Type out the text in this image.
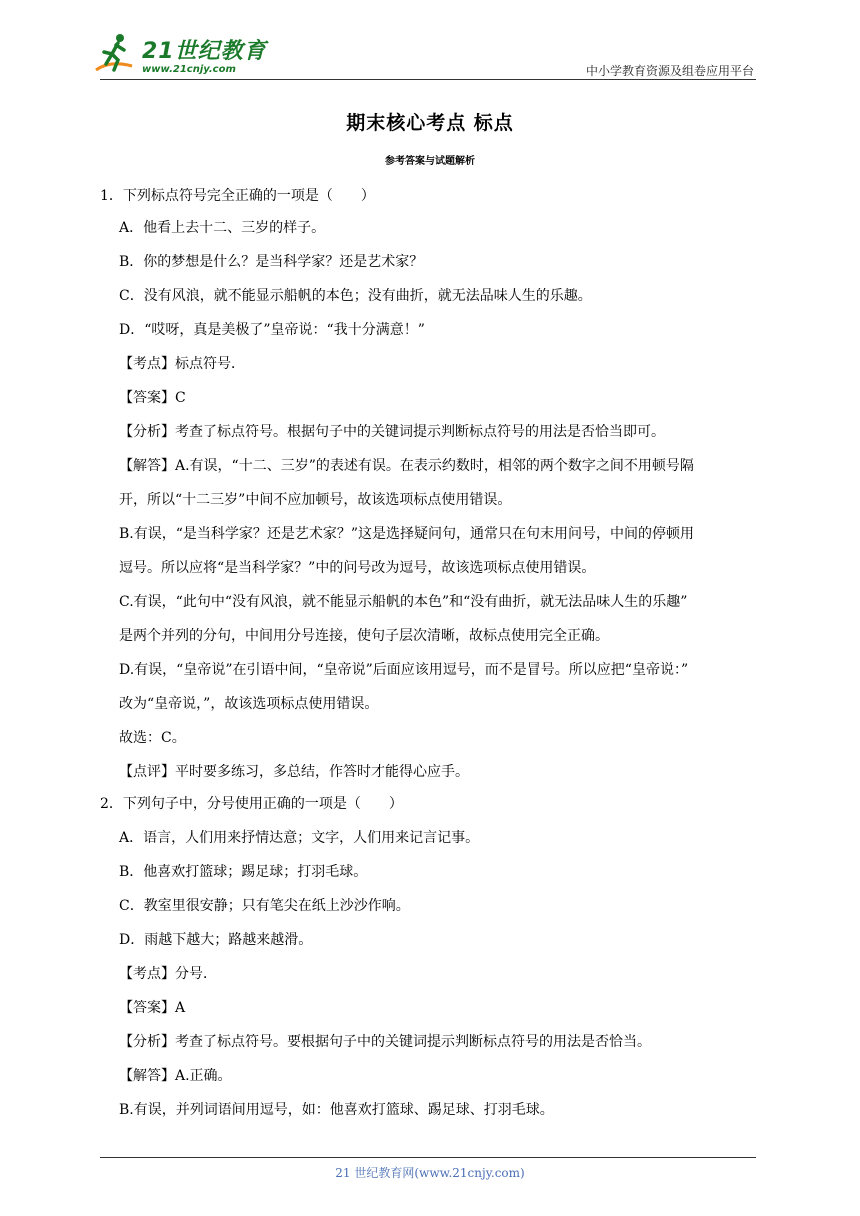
21世纪教育
www.21cnjy.com	中小学教育资源及组卷应用平台
期末核心考点 标点
参考答案与试题解析
1．下列标点符号完全正确的一项是（　　）
A．他看上去十二、三岁的样子。
B．你的梦想是什么？是当科学家？还是艺术家？
C．没有风浪，就不能显示船帆的本色；没有曲折，就无法品味人生的乐趣。
D．“哎呀，真是美极了”皇帝说：“我十分满意！”
【考点】标点符号．
【答案】C
【分析】考查了标点符号。根据句子中的关键词提示判断标点符号的用法是否恰当即可。
【解答】A.有误，“十二、三岁”的表述有误。在表示约数时，相邻的两个数字之间不用顿号隔
开，所以“十二三岁”中间不应加顿号，故该选项标点使用错误。
B.有误，“是当科学家？还是艺术家？”这是选择疑问句，通常只在句末用问号，中间的停顿用
逗号。所以应将“是当科学家？”中的问号改为逗号，故该选项标点使用错误。
C.有误，“此句中“没有风浪，就不能显示船帆的本色”和“没有曲折，就无法品味人生的乐趣”
是两个并列的分句，中间用分号连接，使句子层次清晰，故标点使用完全正确。
D.有误，“皇帝说”在引语中间，“皇帝说”后面应该用逗号，而不是冒号。所以应把“皇帝说：”
改为“皇帝说，”，故该选项标点使用错误。
故选：C。
【点评】平时要多练习，多总结，作答时才能得心应手。
2．下列句子中，分号使用正确的一项是（　　）
A．语言，人们用来抒情达意；文字，人们用来记言记事。
B．他喜欢打篮球；踢足球；打羽毛球。
C．教室里很安静；只有笔尖在纸上沙沙作响。
D．雨越下越大；路越来越滑。
【考点】分号．
【答案】A
【分析】考查了标点符号。要根据句子中的关键词提示判断标点符号的用法是否恰当。
【解答】A.正确。
B.有误，并列词语间用逗号，如：他喜欢打篮球、踢足球、打羽毛球。
21 世纪教育网(www.21cnjy.com)
